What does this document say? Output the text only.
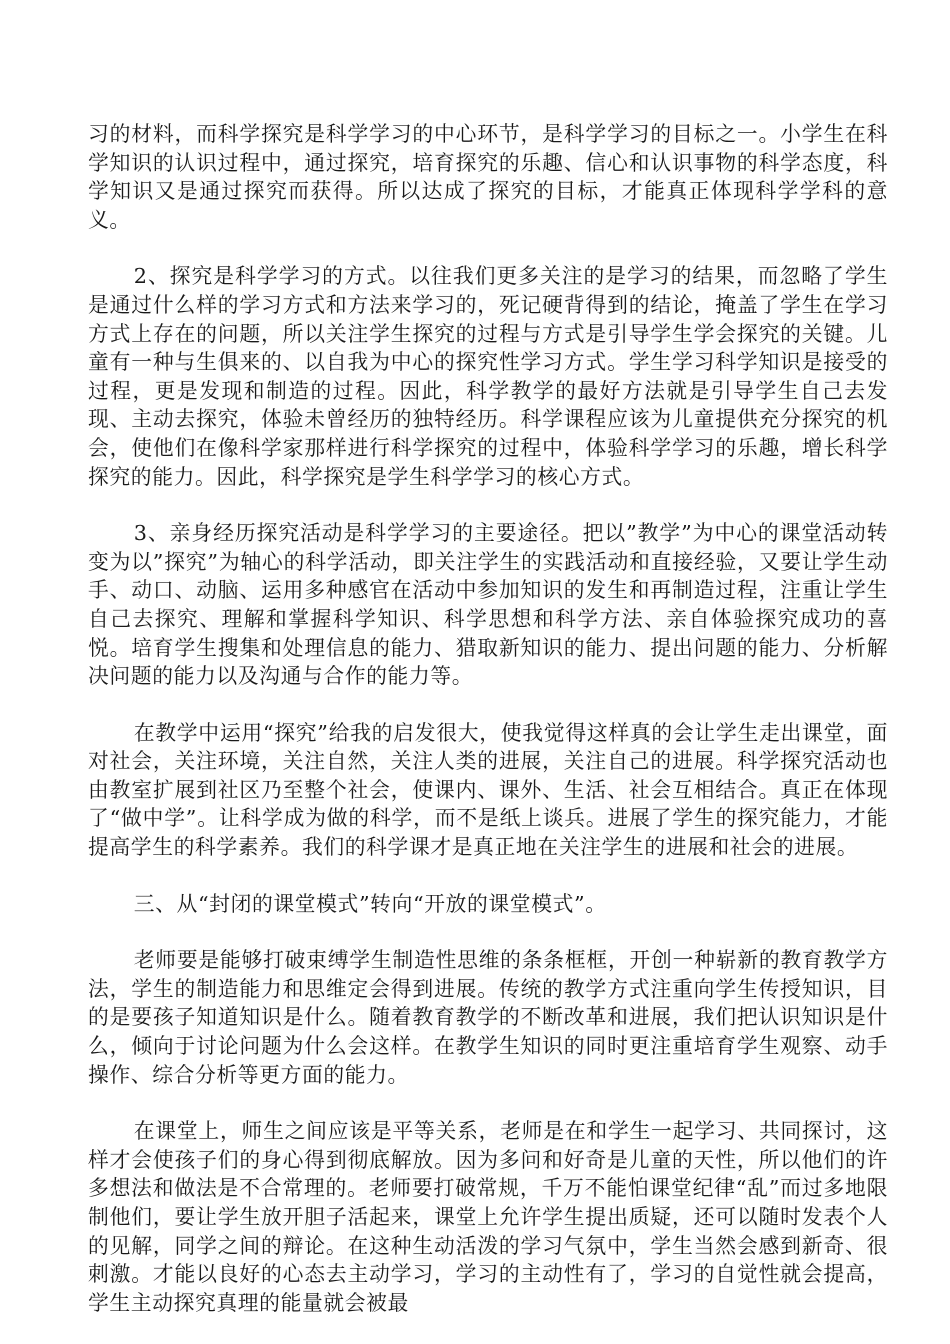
习的材料，而科学探究是科学学习的中心环节，是科学学习的目标之一。小学生在科学知识的认识过程中，通过探究，培育探究的乐趣、信心和认识事物的科学态度，科学知识又是通过探究而获得。所以达成了探究的目标，才能真正体现科学学科的意义。

2、探究是科学学习的方式。以往我们更多关注的是学习的结果，而忽略了学生是通过什么样的学习方式和方法来学习的，死记硬背得到的结论，掩盖了学生在学习方式上存在的问题，所以关注学生探究的过程与方式是引导学生学会探究的关键。儿童有一种与生俱来的、以自我为中心的探究性学习方式。学生学习科学知识是接受的过程，更是发现和制造的过程。因此，科学教学的最好方法就是引导学生自己去发现、主动去探究，体验未曾经历的独特经历。科学课程应该为儿童提供充分探究的机会，使他们在像科学家那样进行科学探究的过程中，体验科学学习的乐趣，增长科学探究的能力。因此，科学探究是学生科学学习的核心方式。

3、亲身经历探究活动是科学学习的主要途径。把以”教学”为中心的课堂活动转变为以”探究”为轴心的科学活动，即关注学生的实践活动和直接经验，又要让学生动手、动口、动脑、运用多种感官在活动中参加知识的发生和再制造过程，注重让学生自己去探究、理解和掌握科学知识、科学思想和科学方法、亲自体验探究成功的喜悦。培育学生搜集和处理信息的能力、猎取新知识的能力、提出问题的能力、分析解决问题的能力以及沟通与合作的能力等。

在教学中运用“探究”给我的启发很大，使我觉得这样真的会让学生走出课堂，面对社会，关注环境，关注自然，关注人类的进展，关注自己的进展。科学探究活动也由教室扩展到社区乃至整个社会，使课内、课外、生活、社会互相结合。真正在体现了“做中学”。让科学成为做的科学，而不是纸上谈兵。进展了学生的探究能力，才能提高学生的科学素养。我们的科学课才是真正地在关注学生的进展和社会的进展。

三、从“封闭的课堂模式”转向“开放的课堂模式”。

老师要是能够打破束缚学生制造性思维的条条框框，开创一种崭新的教育教学方法，学生的制造能力和思维定会得到进展。传统的教学方式注重向学生传授知识，目的是要孩子知道知识是什么。随着教育教学的不断改革和进展，我们把认识知识是什么，倾向于讨论问题为什么会这样。在教学生知识的同时更注重培育学生观察、动手操作、综合分析等更方面的能力。

在课堂上，师生之间应该是平等关系，老师是在和学生一起学习、共同探讨，这样才会使孩子们的身心得到彻底解放。因为多问和好奇是儿童的天性，所以他们的许多想法和做法是不合常理的。老师要打破常规，千万不能怕课堂纪律“乱”而过多地限制他们，要让学生放开胆子活起来，课堂上允许学生提出质疑，还可以随时发表个人的见解，同学之间的辩论。在这种生动活泼的学习气氛中，学生当然会感到新奇、很刺激。才能以良好的心态去主动学习，学习的主动性有了，学习的自觉性就会提高，学生主动探究真理的能量就会被最
